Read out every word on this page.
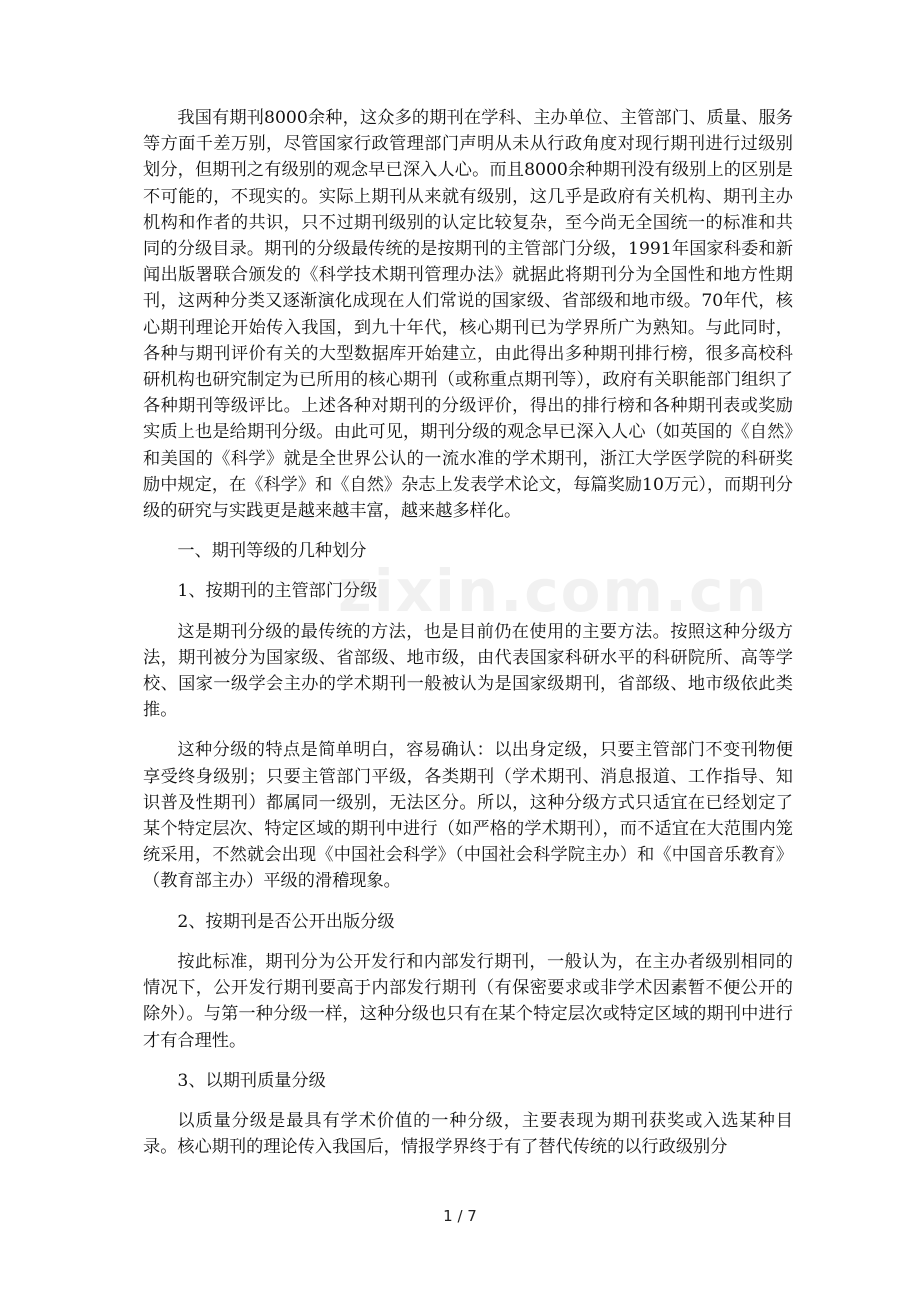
我国有期刊8000余种，这众多的期刊在学科、主办单位、主管部门、质量、服务等方面千差万别，尽管国家行政管理部门声明从未从行政角度对现行期刊进行过级别划分，但期刊之有级别的观念早已深入人心。而且8000余种期刊没有级别上的区别是不可能的，不现实的。实际上期刊从来就有级别，这几乎是政府有关机构、期刊主办机构和作者的共识，只不过期刊级别的认定比较复杂，至今尚无全国统一的标准和共同的分级目录。期刊的分级最传统的是按期刊的主管部门分级，1991年国家科委和新闻出版署联合颁发的《科学技术期刊管理办法》就据此将期刊分为全国性和地方性期刊，这两种分类又逐渐演化成现在人们常说的国家级、省部级和地市级。70年代，核心期刊理论开始传入我国，到九十年代，核心期刊已为学界所广为熟知。与此同时，各种与期刊评价有关的大型数据库开始建立，由此得出多种期刊排行榜，很多高校科研机构也研究制定为已所用的核心期刊（或称重点期刊等），政府有关职能部门组织了各种期刊等级评比。上述各种对期刊的分级评价，得出的排行榜和各种期刊表或奖励实质上也是给期刊分级。由此可见，期刊分级的观念早已深入人心（如英国的《自然》和美国的《科学》就是全世界公认的一流水准的学术期刊，浙江大学医学院的科研奖励中规定，在《科学》和《自然》杂志上发表学术论文，每篇奖励10万元），而期刊分级的研究与实践更是越来越丰富，越来越多样化。

一、期刊等级的几种划分

1、按期刊的主管部门分级

这是期刊分级的最传统的方法，也是目前仍在使用的主要方法。按照这种分级方法，期刊被分为国家级、省部级、地市级，由代表国家科研水平的科研院所、高等学校、国家一级学会主办的学术期刊一般被认为是国家级期刊，省部级、地市级依此类推。

这种分级的特点是简单明白，容易确认：以出身定级，只要主管部门不变刊物便享受终身级别；只要主管部门平级，各类期刊（学术期刊、消息报道、工作指导、知识普及性期刊）都属同一级别，无法区分。所以，这种分级方式只适宜在已经划定了某个特定层次、特定区域的期刊中进行（如严格的学术期刊），而不适宜在大范围内笼统采用，不然就会出现《中国社会科学》（中国社会科学院主办）和《中国音乐教育》（教育部主办）平级的滑稽现象。

2、按期刊是否公开出版分级

按此标准，期刊分为公开发行和内部发行期刊，一般认为，在主办者级别相同的情况下，公开发行期刊要高于内部发行期刊（有保密要求或非学术因素暂不便公开的除外）。与第一种分级一样，这种分级也只有在某个特定层次或特定区域的期刊中进行才有合理性。

3、以期刊质量分级

以质量分级是最具有学术价值的一种分级，主要表现为期刊获奖或入选某种目录。核心期刊的理论传入我国后，情报学界终于有了替代传统的以行政级别分

zixin.com.cn
1 / 7
